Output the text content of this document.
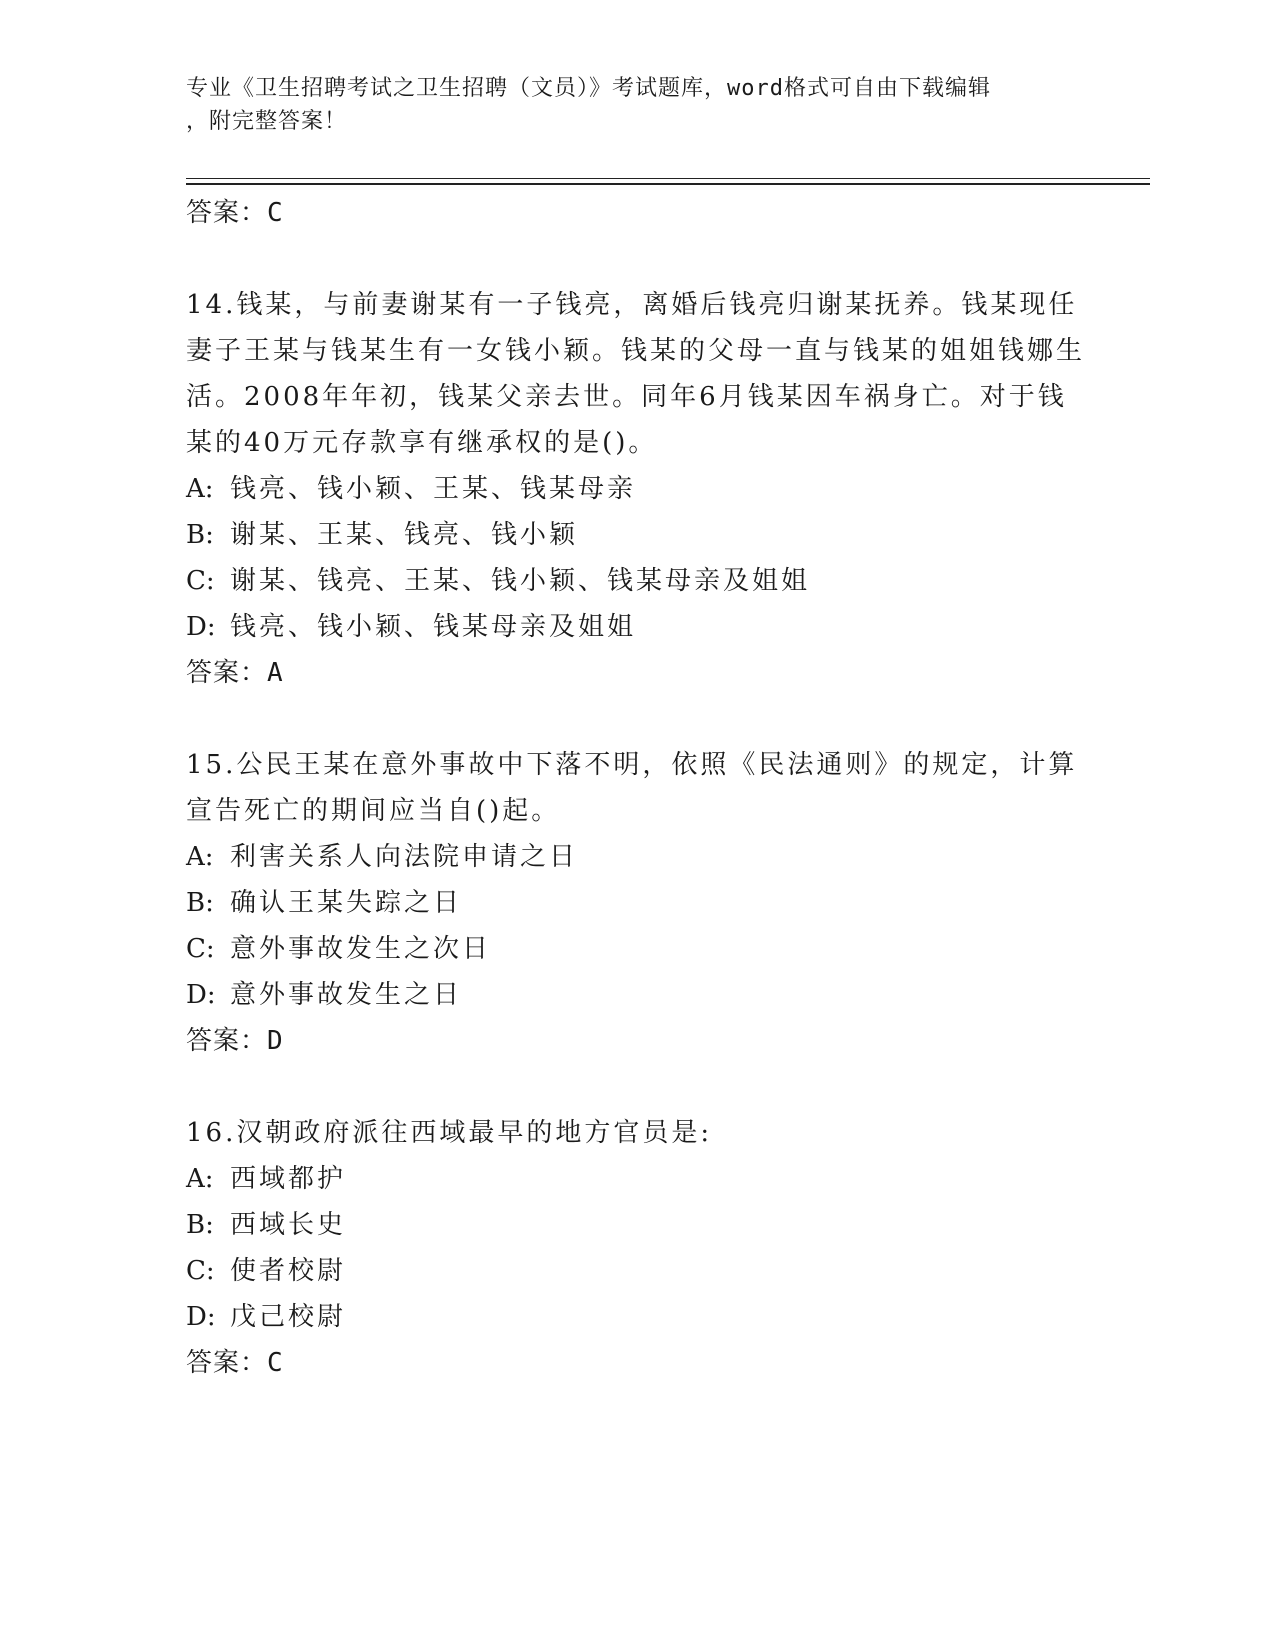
专业《卫生招聘考试之卫生招聘（文员）》考试题库，word格式可自由下载编辑
，附完整答案！
答案：C
14.钱某，与前妻谢某有一子钱亮，离婚后钱亮归谢某抚养。钱某现任妻子王某与钱某生有一女钱小颖。钱某的父母一直与钱某的姐姐钱娜生活。2008年年初，钱某父亲去世。同年6月钱某因车祸身亡。对于钱某的40万元存款享有继承权的是()。
A: 钱亮、钱小颖、王某、钱某母亲
B: 谢某、王某、钱亮、钱小颖
C: 谢某、钱亮、王某、钱小颖、钱某母亲及姐姐
D: 钱亮、钱小颖、钱某母亲及姐姐
答案：A
15.公民王某在意外事故中下落不明，依照《民法通则》的规定，计算宣告死亡的期间应当自()起。
A: 利害关系人向法院申请之日
B: 确认王某失踪之日
C: 意外事故发生之次日
D: 意外事故发生之日
答案：D
16.汉朝政府派往西域最早的地方官员是:
A: 西域都护
B: 西域长史
C: 使者校尉
D: 戊己校尉
答案：C
